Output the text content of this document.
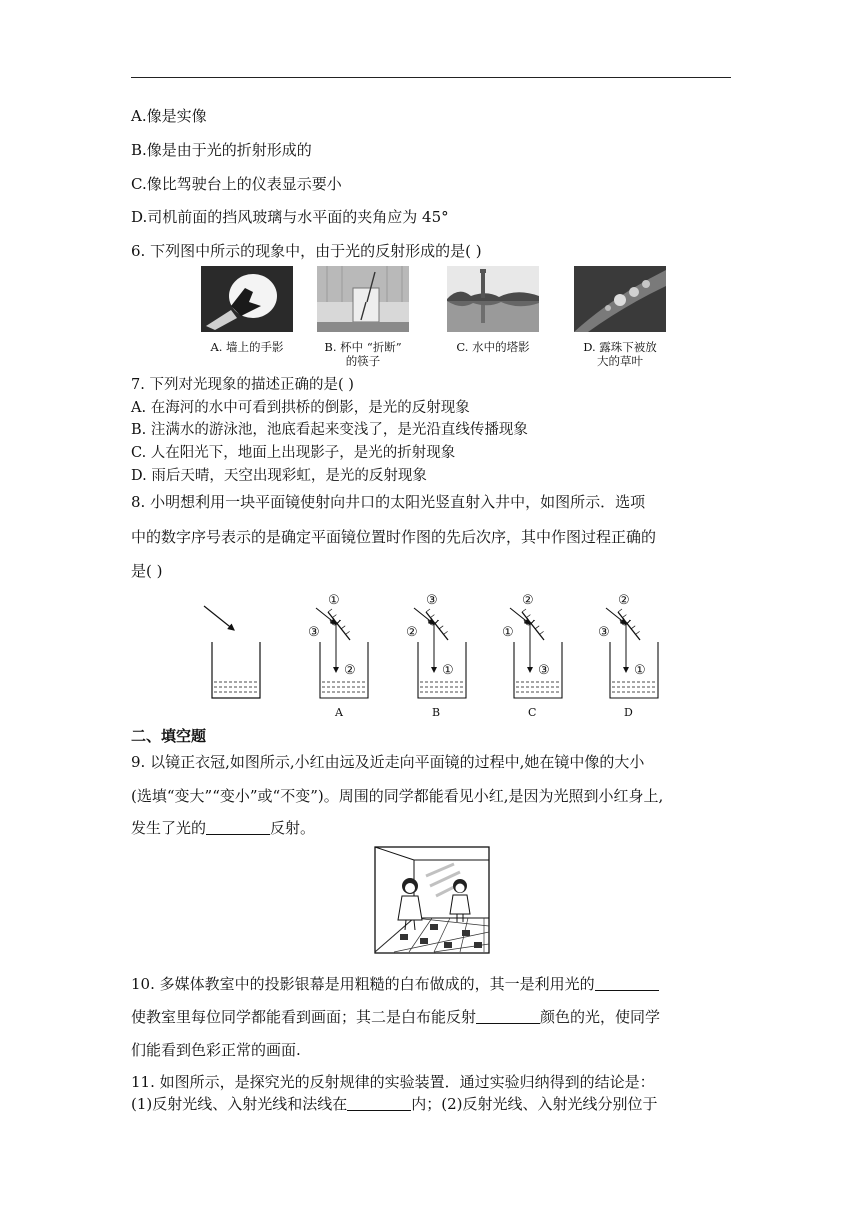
A.像是实像
B.像是由于光的折射形成的
C.像比驾驶台上的仪表显示要小
D.司机前面的挡风玻璃与水平面的夹角应为 45°
6. 下列图中所示的现象中，由于光的反射形成的是( )
A. 墙上的手影	B. 杯中 “折断”
的筷子
C. 水中的塔影	D. 露珠下被放
大的草叶
7. 下列对光现象的描述正确的是( )
A. 在海河的水中可看到拱桥的倒影，是光的反射现象
B. 注满水的游泳池，池底看起来变浅了，是光沿直线传播现象
C. 人在阳光下，地面上出现影子，是光的折射现象
D. 雨后天晴，天空出现彩虹，是光的反射现象
8. 小明想利用一块平面镜使射向井口的太阳光竖直射入井中，如图所示．选项
中的数字序号表示的是确定平面镜位置时作图的先后次序，其中作图过程正确的
是( )
①
③
②
③
②
①
②
①
③
②
③
①
A	B	C	D
二、填空题
9. 以镜正衣冠,如图所示,小红由远及近走向平面镜的过程中,她在镜中像的大小
(选填“变大”“变小”或“不变”)。周围的同学都能看见小红,是因为光照到小红身上,
发生了光的	反射。
10. 多媒体教室中的投影银幕是用粗糙的白布做成的，其一是利用光的
使教室里每位同学都能看到画面；其二是白布能反射	颜色的光，使同学
们能看到色彩正常的画面.
11. 如图所示，是探究光的反射规律的实验装置．通过实验归纳得到的结论是：
(1)反射光线、入射光线和法线在	内；(2)反射光线、入射光线分别位于
